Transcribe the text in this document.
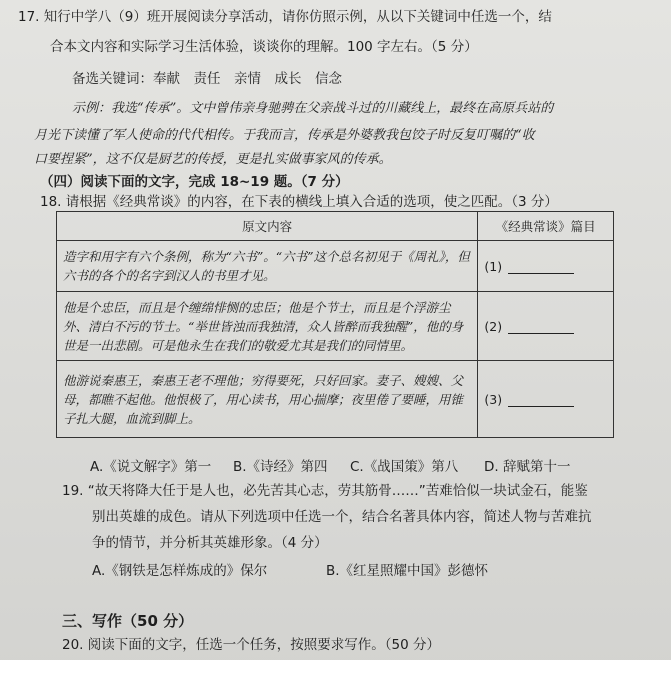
17. 知行中学八（9）班开展阅读分享活动，请你仿照示例，从以下关键词中任选一个，结
合本文内容和实际学习生活体验，谈谈你的理解。100 字左右。（5 分）
备选关键词：奉献　责任　亲情　成长　信念
示例：我选“传承”。文中曾伟亲身驰骋在父亲战斗过的川藏线上，最终在高原兵站的
月光下读懂了军人使命的代代相传。于我而言，传承是外婆教我包饺子时反复叮嘱的“收
口要捏紧”，这不仅是厨艺的传授，更是扎实做事家风的传承。
（四）阅读下面的文字，完成 18~19 题。（7 分）
18. 请根据《经典常谈》的内容，在下表的横线上填入合适的选项，使之匹配。（3 分）
原文内容	《经典常谈》篇目
造字和用字有六个条例，称为“六书”。“六书”这个总名初见于《周礼》，但六书的各个的名字到汉人的书里才见。	(1)
他是个忠臣，而且是个缠绵悱恻的忠臣；他是个节士，而且是个浮游尘外、清白不污的节士。“举世皆浊而我独清，众人皆醉而我独醒”，他的身世是一出悲剧。可是他永生在我们的敬爱尤其是我们的同情里。	(2)
他游说秦惠王，秦惠王老不理他；穷得要死，只好回家。妻子、嫂嫂、父母，都瞧不起他。他恨极了，用心读书，用心揣摩；夜里倦了要睡，用锥子扎大腿，血流到脚上。	(3)
A.《说文解字》第一 B.《诗经》第四 C.《战国策》第八 D. 辞赋第十一
19. “故天将降大任于是人也，必先苦其心志，劳其筋骨……”苦难恰似一块试金石，能鉴
别出英雄的成色。请从下列选项中任选一个，结合名著具体内容，简述人物与苦难抗
争的情节，并分析其英雄形象。（4 分）
A.《钢铁是怎样炼成的》保尔	B.《红星照耀中国》彭德怀
三、写作（50 分）
20. 阅读下面的文字，任选一个任务，按照要求写作。（50 分）
